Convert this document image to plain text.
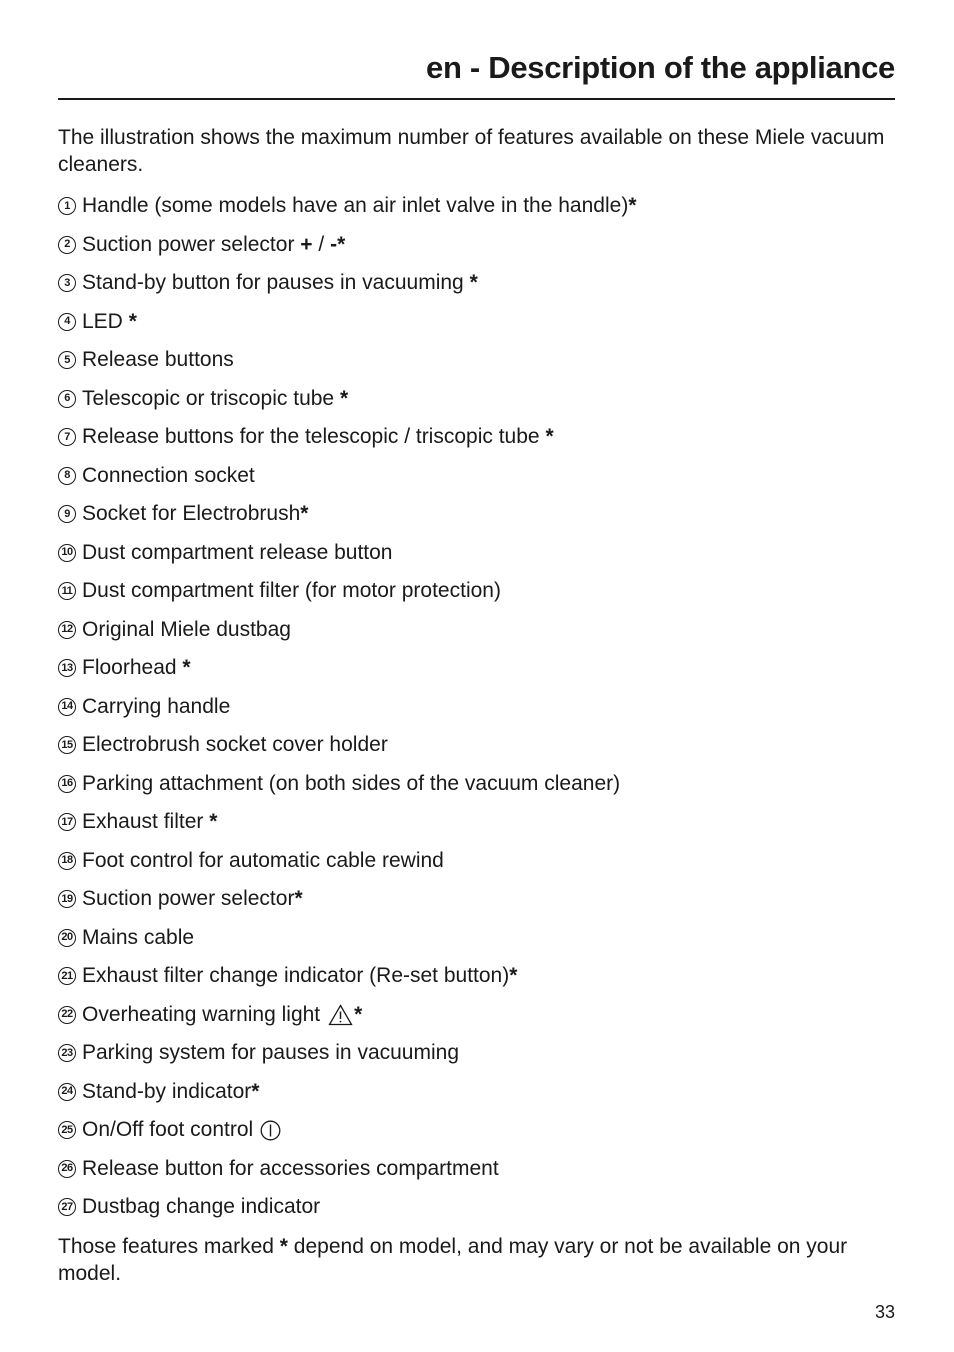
en - Description of the appliance

The illustration shows the maximum number of features available on these Miele vacuum cleaners.

1 Handle (some models have an air inlet valve in the handle) *
2 Suction power selector + / - *
3 Stand-by button for pauses in vacuuming
*
4 LED
*
5 Release buttons
6 Telescopic or triscopic tube
*
7 Release buttons for the telescopic / triscopic tube
*
8 Connection socket
9 Socket for Electrobrush *
10 Dust compartment release button
11 Dust compartment filter (for motor protection)
12 Original Miele dustbag
13 Floorhead
*
14 Carrying handle
15 Electrobrush socket cover holder
16 Parking attachment (on both sides of the vacuum cleaner)
17 Exhaust filter
*
18 Foot control for automatic cable rewind
19 Suction power selector *
20 Mains cable
21 Exhaust filter change indicator (Re-set button) *
22 Overheating warning light *
23 Parking system for pauses in vacuuming
24 Stand-by indicator *
25 On/Off foot control
26 Release button for accessories compartment
27 Dustbag change indicator

Those features marked * depend on model, and may vary or not be available on your model.

33
